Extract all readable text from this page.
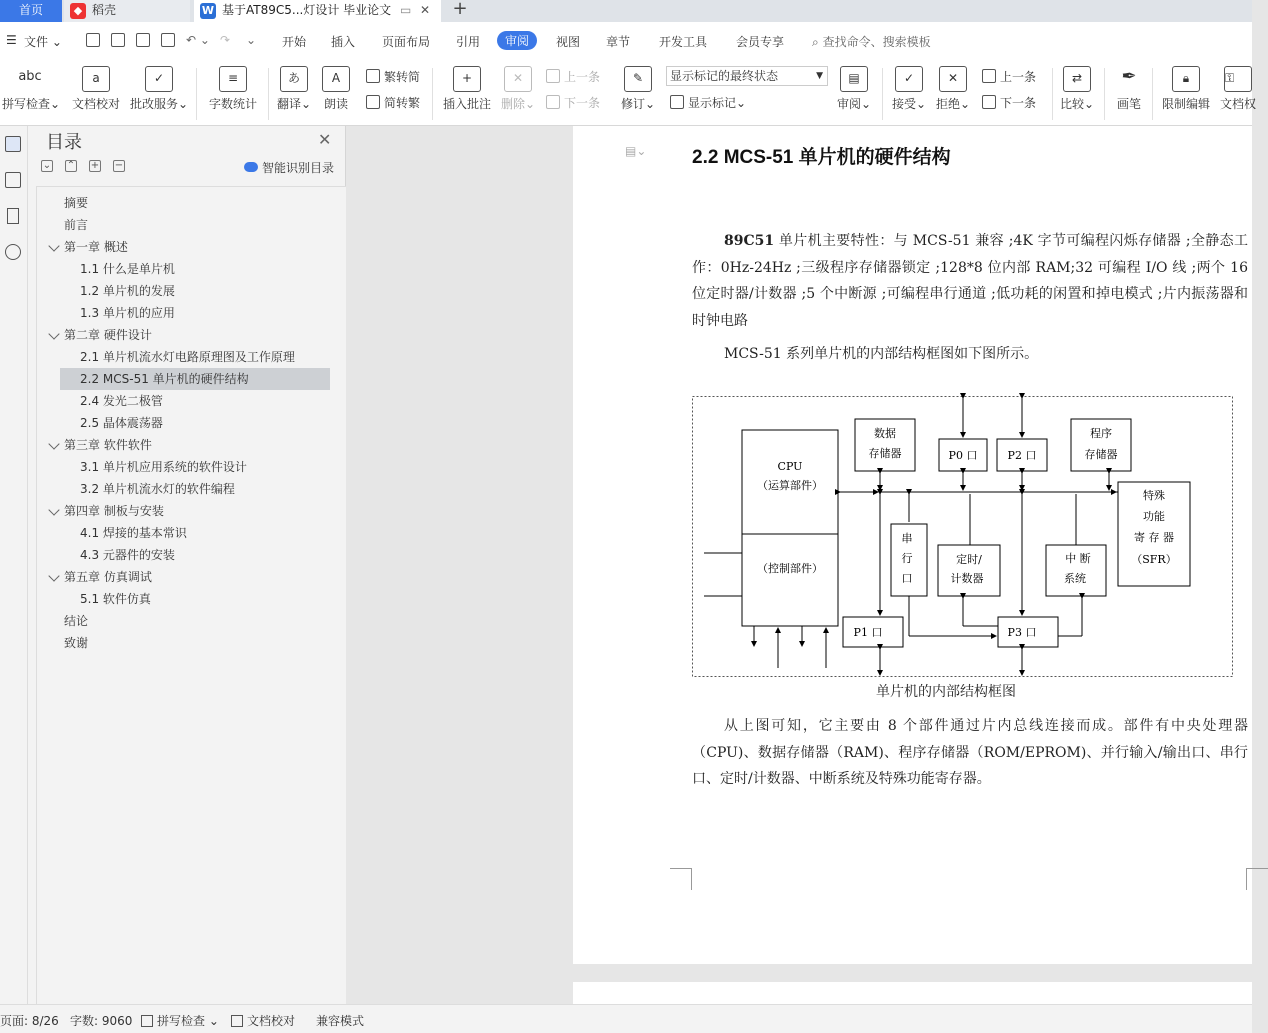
首页	◆ 稻壳	W 基于AT89C5...灯设计 毕业论文 ▭ ✕	+
☰ 文件 ⌄	↶ ⌄ ↷ ⌄ 开始 插入 页面布局 引用	审阅	视图 章节 开发工具 会员专享 ⌕ 查找命令、搜索模板
abc
拼写检查⌄
a
文档校对
✓
批改服务⌄
≡
字数统计
あ
翻译⌄
A
朗读
繁转简
简转繁
+
插入批注
✕
删除⌄
上一条
下一条
✎
修订⌄
显示标记的最终状态	▼
显示标记⌄
▤
审阅⌄
✓
接受⌄
✕
拒绝⌄
上一条
下一条
⇄
比较⌄
✒
画笔
🔒︎
限制编辑
⚿
文档权
目录	✕
⌄ ⌃ + −	智能识别目录
摘要
前言
第一章 概述
1.1 什么是单片机
1.2 单片机的发展
1.3 单片机的应用
第二章 硬件设计
2.1 单片机流水灯电路原理图及工作原理
2.2 MCS-51 单片机的硬件结构
2.4 发光二极管
2.5 晶体震荡器
第三章 软件软件
3.1 单片机应用系统的软件设计
3.2 单片机流水灯的软件编程
第四章 制板与安装
4.1 焊接的基本常识
4.3 元器件的安装
第五章 仿真调试
5.1 软件仿真
结论
致谢
▤⌄ 2.2 MCS-51 单片机的硬件结构
89C51 单片机主要特性：与 MCS-51 兼容 ;4K 字节可编程闪烁存储器 ;全静态工作：0Hz-24Hz ;三级程序存储器锁定 ;128*8 位内部 RAM;32 可编程 I/O 线 ;两个 16 位定时器/计数器 ;5 个中断源 ;可编程串行通道 ;低功耗的闲置和掉电模式 ;片内振荡器和时钟电路
MCS-51 系列单片机的内部结构框图如下图所示。
CPU
（运算部件）
（控制部件）
数据
存储器	P0 口	P2 口
程序
存储器
特殊
功能
寄 存 器
（SFR）
串
行
口
定时/
计数器
中 断
系统
P1 口	P3 口
单片机的内部结构框图
从上图可知，它主要由 8 个部件通过片内总线连接而成。部件有中央处理器（CPU)、数据存储器（RAM)、程序存储器（ROM/EPROM)、并行输入/输出口、串行口、定时/计数器、中断系统及特殊功能寄存器。
页面: 8/26 字数: 9060	拼写检查 ⌄	文档校对 兼容模式
